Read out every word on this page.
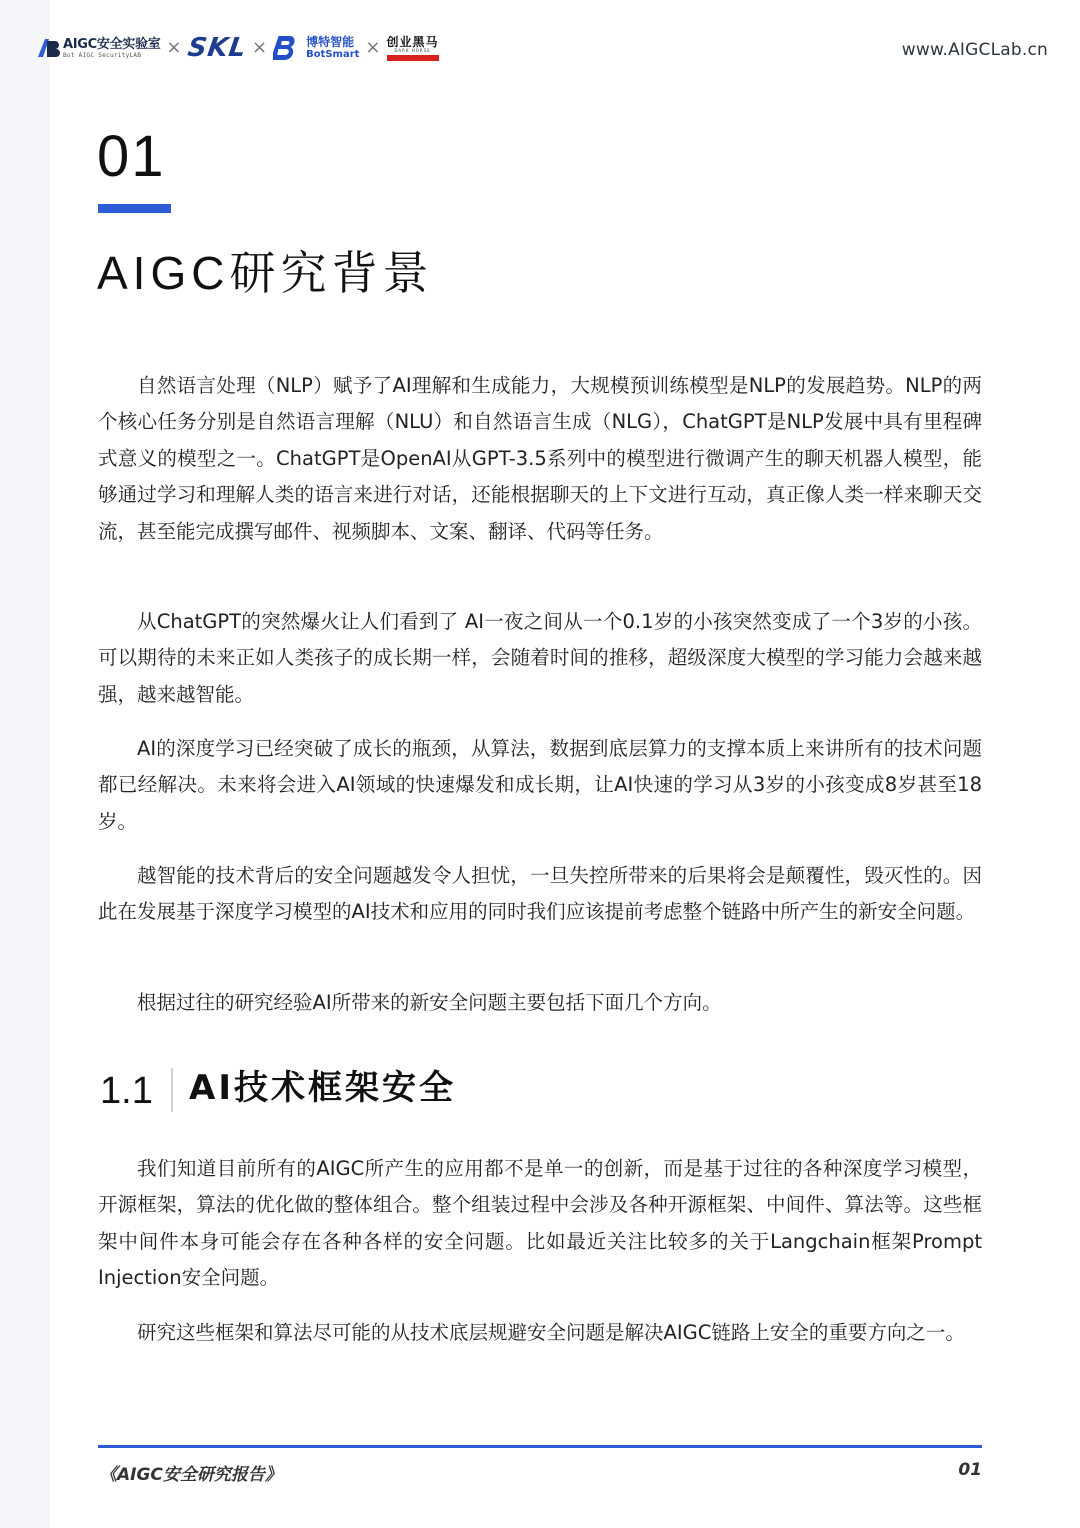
AIGC安全实验室
Bot AIGC SecurityLAB	× SKL ×	博特智能
BotSmart × 创业黑马
DARK HORSE	www.AIGCLab.cn
01
AIGC研究背景

自然语言处理（NLP）赋予了AI理解和生成能力，大规模预训练模型是NLP的发展趋势。NLP的两个核心任务分别是自然语言理解（NLU）和自然语言生成（NLG），ChatGPT是NLP发展中具有里程碑式意义的模型之一。ChatGPT是OpenAI从GPT-3.5系列中的模型进行微调产生的聊天机器人模型，能够通过学习和理解人类的语言来进行对话，还能根据聊天的上下文进行互动，真正像人类一样来聊天交流，甚至能完成撰写邮件、视频脚本、文案、翻译、代码等任务。

从ChatGPT的突然爆火让人们看到了 AI一夜之间从一个0.1岁的小孩突然变成了一个3岁的小孩。可以期待的未来正如人类孩子的成长期一样，会随着时间的推移，超级深度大模型的学习能力会越来越强，越来越智能。

AI的深度学习已经突破了成长的瓶颈，从算法，数据到底层算力的支撑本质上来讲所有的技术问题都已经解决。未来将会进入AI领域的快速爆发和成长期，让AI快速的学习从3岁的小孩变成8岁甚至18岁。

越智能的技术背后的安全问题越发令人担忧，一旦失控所带来的后果将会是颠覆性，毁灭性的。因此在发展基于深度学习模型的AI技术和应用的同时我们应该提前考虑整个链路中所产生的新安全问题。

根据过往的研究经验AI所带来的新安全问题主要包括下面几个方向。

1.1 AI技术框架安全

我们知道目前所有的AIGC所产生的应用都不是单一的创新，而是基于过往的各种深度学习模型，开源框架，算法的优化做的整体组合。整个组装过程中会涉及各种开源框架、中间件、算法等。这些框架中间件本身可能会存在各种各样的安全问题。比如最近关注比较多的关于Langchain框架Prompt Injection安全问题。

研究这些框架和算法尽可能的从技术底层规避安全问题是解决AIGC链路上安全的重要方向之一。

《AIGC安全研究报告》	01
